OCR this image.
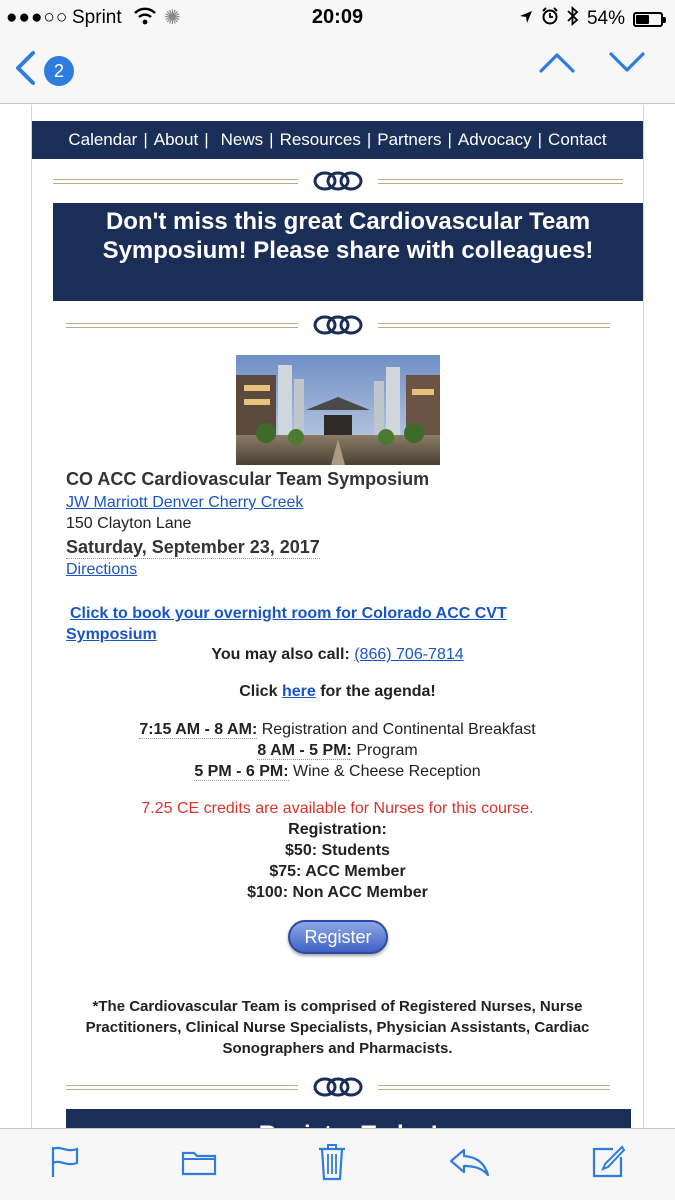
●●●○○ Sprint ✺	20:09	54%
2
Calendar | About | News | Resources | Partners | Advocacy | Contact
Don't miss this great Cardiovascular Team Symposium! Please share with colleagues!
CO ACC Cardiovascular Team Symposium
JW Marriott Denver Cherry Creek
150 Clayton Lane
Saturday, September 23, 2017
Directions
Click to book your overnight room for Colorado ACC CVT Symposium
You may also call: (866) 706-7814
Click here for the agenda!
7:15 AM - 8 AM: Registration and Continental Breakfast
8 AM - 5 PM: Program
5 PM - 6 PM: Wine & Cheese Reception
7.25 CE credits are available for Nurses for this course.
Registration:
$50: Students
$75: ACC Member
$100: Non ACC Member
Register
*The Cardiovascular Team is comprised of Registered Nurses, Nurse Practitioners, Clinical Nurse Specialists, Physician Assistants, Cardiac Sonographers and Pharmacists.
